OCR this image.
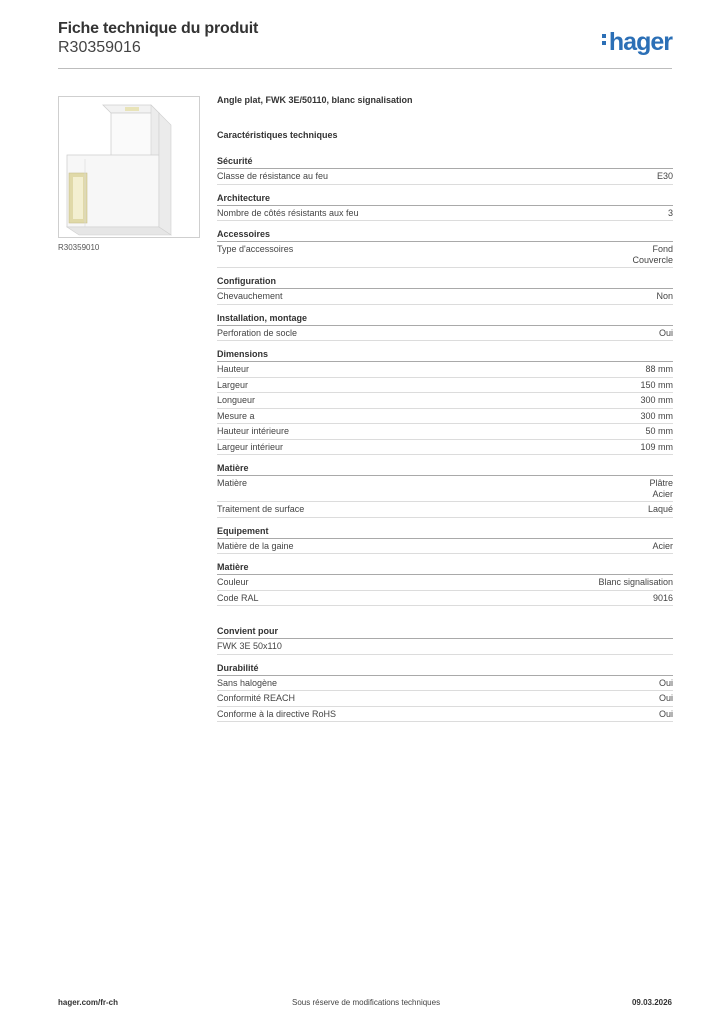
Fiche technique du produit
R30359016	hager
R30359010
Angle plat, FWK 3E/50110, blanc signalisation
Caractéristiques techniques
Sécurité
Classe de résistance au feu	E30
Architecture
Nombre de côtés résistants aux feu	3
Accessoires
Type d'accessoires	Fond
Couvercle
Configuration
Chevauchement	Non
Installation, montage
Perforation de socle	Oui
Dimensions
Hauteur	88 mm
Largeur	150 mm
Longueur	300 mm
Mesure a	300 mm
Hauteur intérieure	50 mm
Largeur intérieur	109 mm
Matière
Matière	Plâtre
Acier
Traitement de surface	Laqué
Equipement
Matière de la gaine	Acier
Matière
Couleur	Blanc signalisation
Code RAL	9016
Convient pour
FWK 3E 50x110
Durabilité
Sans halogène	Oui
Conformité REACH	Oui
Conforme à la directive RoHS	Oui
hager.com/fr-ch	Sous réserve de modifications techniques	09.03.2026
